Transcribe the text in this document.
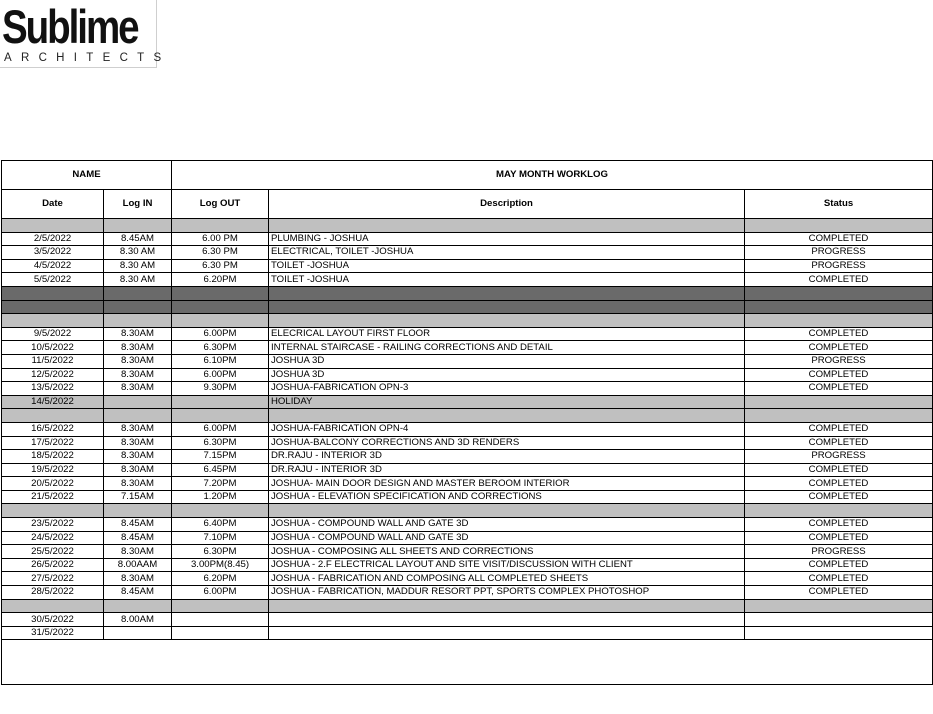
Sublime
ARCHITECTS
NAME		MAY MONTH WORKLOG		
Date	Log IN	Log OUT	Description	Status

2/5/2022	8.45AM	6.00 PM	PLUMBING - JOSHUA	COMPLETED
3/5/2022	8.30 AM	6.30 PM	ELECTRICAL, TOILET -JOSHUA	PROGRESS
4/5/2022	8.30 AM	6.30 PM	TOILET -JOSHUA	PROGRESS
5/5/2022	8.30 AM	6.20PM	TOILET -JOSHUA	COMPLETED

9/5/2022	8.30AM	6.00PM	ELECRICAL LAYOUT FIRST FLOOR	COMPLETED
10/5/2022	8.30AM	6.30PM	INTERNAL STAIRCASE - RAILING CORRECTIONS AND DETAIL	COMPLETED
11/5/2022	8.30AM	6.10PM	JOSHUA 3D	PROGRESS
12/5/2022	8.30AM	6.00PM	JOSHUA 3D	COMPLETED
13/5/2022	8.30AM	9.30PM	JOSHUA-FABRICATION OPN-3	COMPLETED
14/5/2022			HOLIDAY	

16/5/2022	8.30AM	6.00PM	JOSHUA-FABRICATION OPN-4	COMPLETED
17/5/2022	8.30AM	6.30PM	JOSHUA-BALCONY CORRECTIONS AND 3D RENDERS	COMPLETED
18/5/2022	8.30AM	7.15PM	DR.RAJU - INTERIOR 3D	PROGRESS
19/5/2022	8.30AM	6.45PM	DR.RAJU - INTERIOR 3D	COMPLETED
20/5/2022	8.30AM	7.20PM	JOSHUA- MAIN DOOR DESIGN AND MASTER BEROOM INTERIOR	COMPLETED
21/5/2022	7.15AM	1.20PM	JOSHUA - ELEVATION SPECIFICATION AND CORRECTIONS	COMPLETED

23/5/2022	8.45AM	6.40PM	JOSHUA - COMPOUND WALL AND GATE 3D	COMPLETED
24/5/2022	8.45AM	7.10PM	JOSHUA - COMPOUND WALL AND GATE 3D	COMPLETED
25/5/2022	8.30AM	6.30PM	JOSHUA - COMPOSING ALL SHEETS AND CORRECTIONS	PROGRESS
26/5/2022	8.00AAM	3.00PM(8.45)	JOSHUA - 2.F ELECTRICAL LAYOUT AND SITE VISIT/DISCUSSION WITH CLIENT	COMPLETED
27/5/2022	8.30AM	6.20PM	JOSHUA - FABRICATION AND COMPOSING ALL COMPLETED SHEETS	COMPLETED
28/5/2022	8.45AM	6.00PM	JOSHUA - FABRICATION, MADDUR RESORT PPT, SPORTS COMPLEX PHOTOSHOP	COMPLETED

30/5/2022	8.00AM			
31/5/2022				
